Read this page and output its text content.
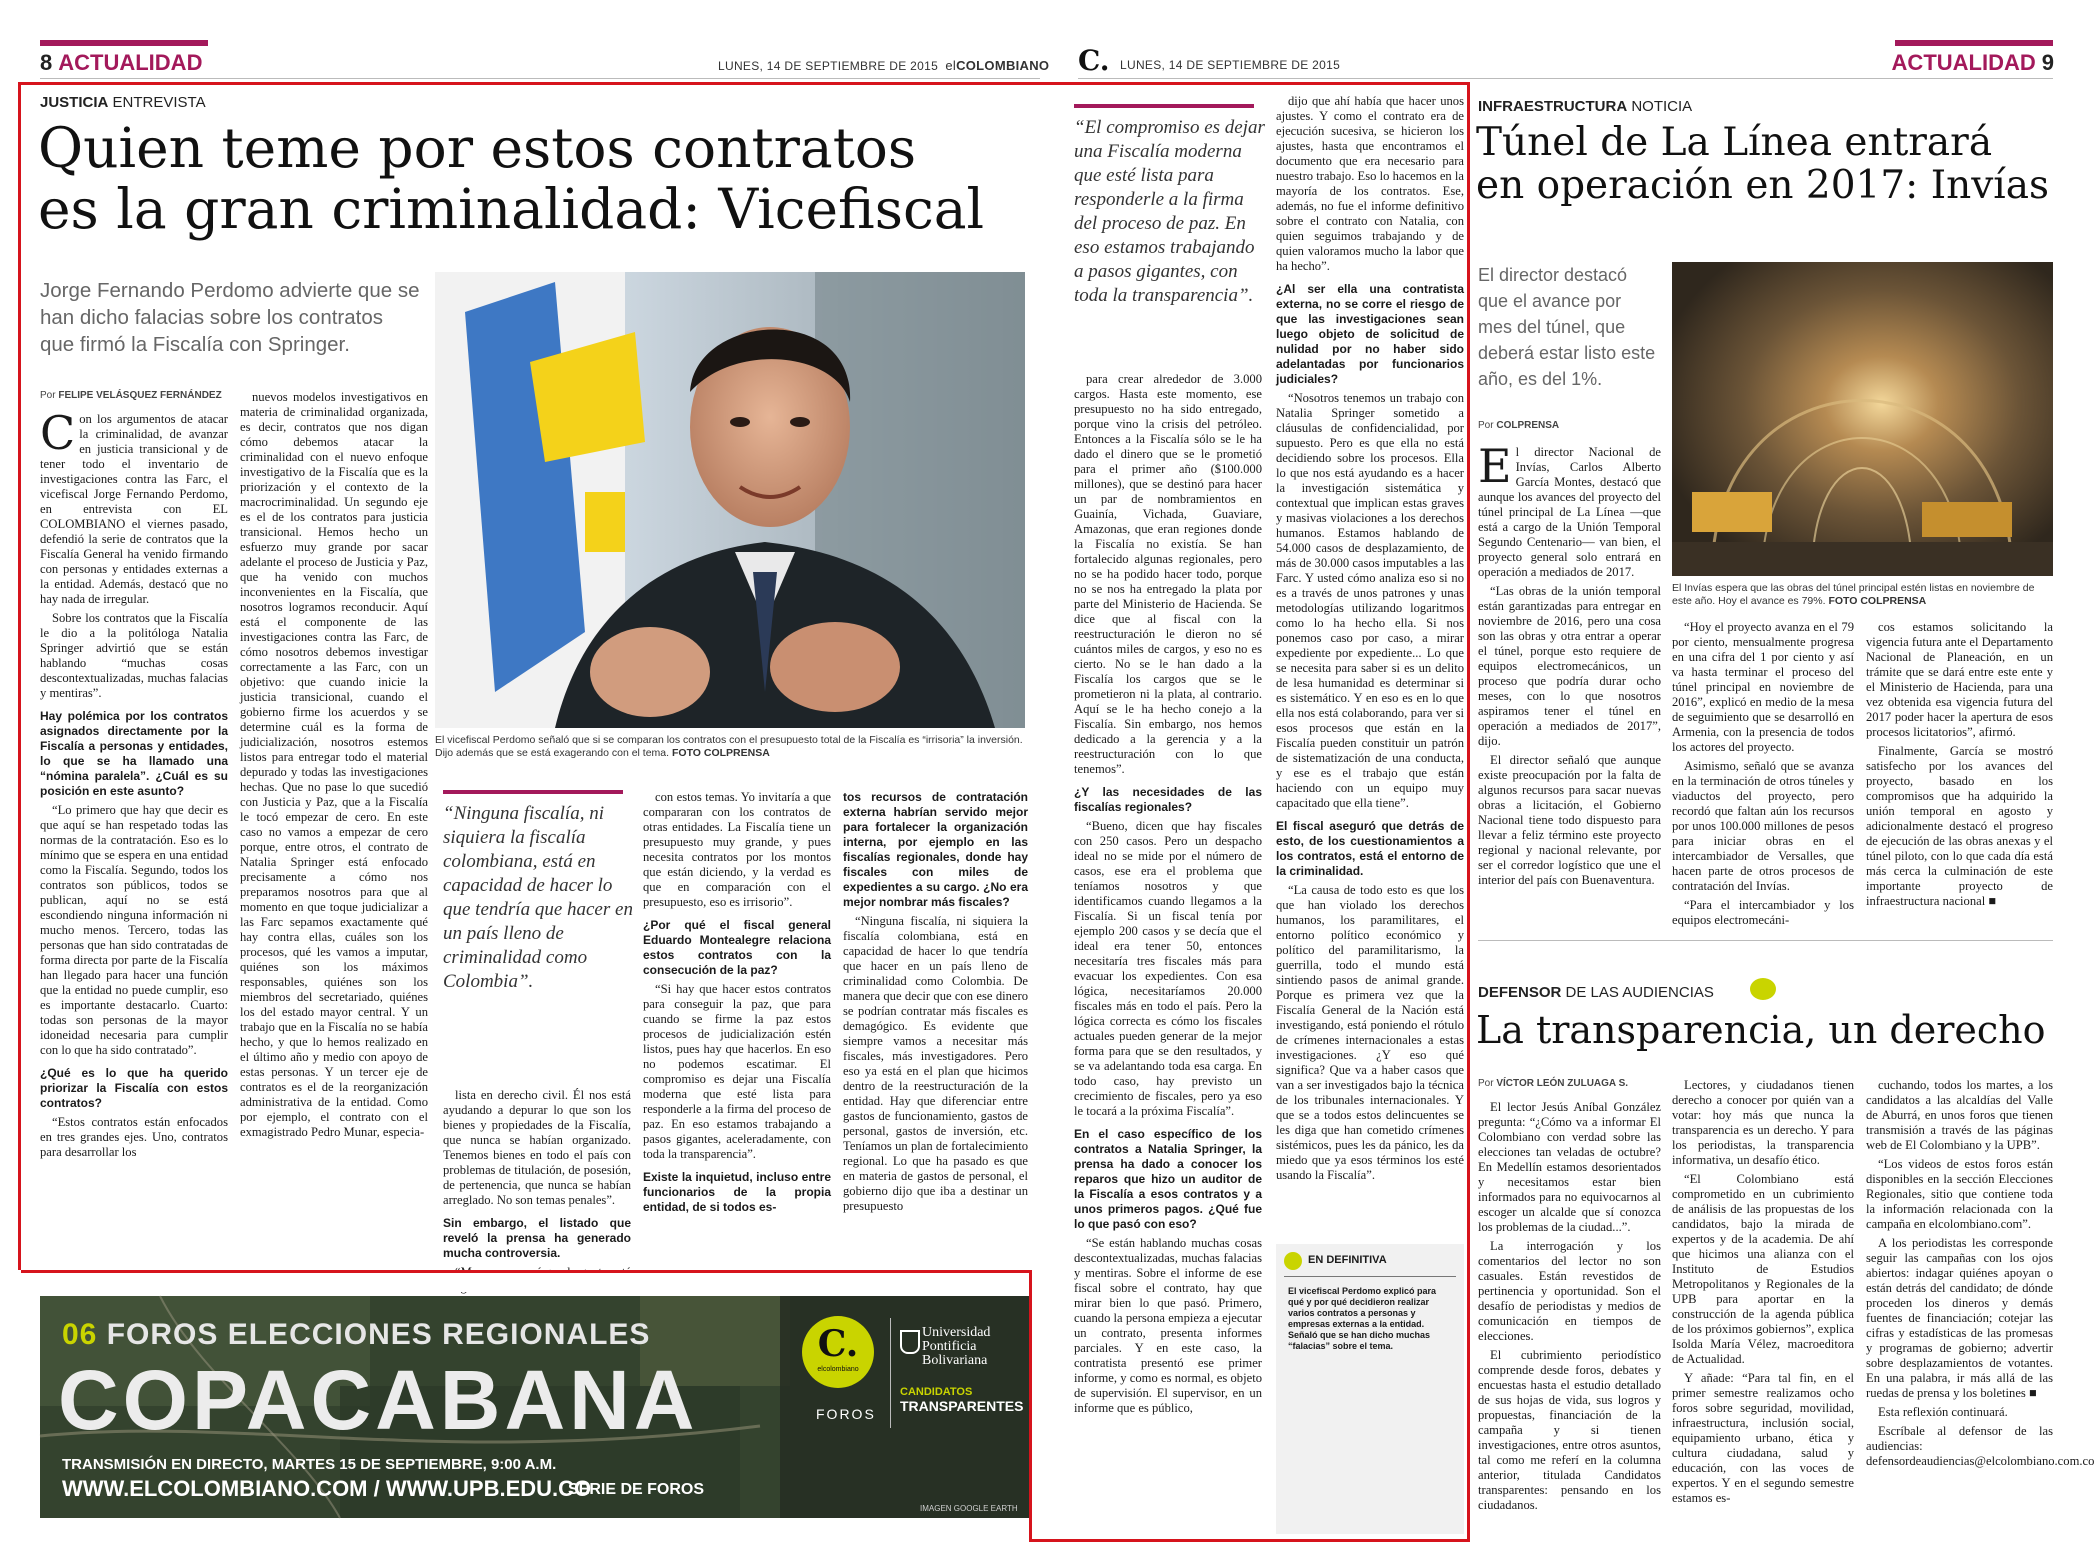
8 ACTUALIDAD	LUNES, 14 DE SEPTIEMBRE DE 2015 elCOLOMBIANO C. LUNES, 14 DE SEPTIEMBRE DE 2015	ACTUALIDAD 9
JUSTICIA ENTREVISTA
Quien teme por estos contratos
es la gran criminalidad: Vicefiscal
Jorge Fernando Perdomo advierte que se han dicho falacias sobre los contratos que firmó la Fiscalía con Springer.
El vicefiscal Perdomo señaló que si se comparan los contratos con el presupuesto total de la Fiscalía es “irrisoria” la inversión. Dijo además que se está exagerando con el tema. FOTO COLPRENSA
Por FELIPE VELÁSQUEZ FERNÁNDEZ

Con los argumentos de atacar la criminalidad, de avanzar en justicia transicional y de tener todo el inventario de investigaciones contra las Farc, el vicefiscal Jorge Fernando Perdomo, en entrevista con EL COLOMBIANO el viernes pasado, defendió la serie de contratos que la Fiscalía General ha venido firmando con personas y entidades externas a la entidad. Además, destacó que no hay nada de irregular.

Sobre los contratos que la Fiscalía le dio a la politóloga Natalia Springer advirtió que se están hablando “muchas cosas descontextualizadas, muchas falacias y mentiras”.

Hay polémica por los contratos asignados directamente por la Fiscalía a personas y entidades, lo que se ha llamado una “nómina paralela”. ¿Cuál es su posición en este asunto?

“Lo primero que hay que decir es que aquí se han respetado todas las normas de la contratación. Eso es lo mínimo que se espera en una entidad como la Fiscalía. Segundo, todos los contratos son públicos, todos se publican, aquí no se está escondiendo ninguna información ni mucho menos. Tercero, todas las personas que han sido contratadas de forma directa por parte de la Fiscalía han llegado para hacer una función que la entidad no puede cumplir, eso es importante destacarlo. Cuarto: todas son personas de la mayor idoneidad necesaria para cumplir con lo que ha sido contratado”.

¿Qué es lo que ha querido priorizar la Fiscalía con estos contratos?

“Estos contratos están enfocados en tres grandes ejes. Uno, contratos para desarrollar los

nuevos modelos investigativos en materia de criminalidad organizada, es decir, contratos que nos digan cómo debemos atacar la criminalidad con el nuevo enfoque investigativo de la Fiscalía que es la priorización y el contexto de la macrocriminalidad. Un segundo eje es el de los contratos para justicia transicional. Hemos hecho un esfuerzo muy grande por sacar adelante el proceso de Justicia y Paz, que ha venido con muchos inconvenientes en la Fiscalía, que nosotros logramos reconducir. Aquí está el componente de las investigaciones contra las Farc, de cómo nosotros debemos investigar correctamente a las Farc, con un objetivo: que cuando inicie la justicia transicional, cuando el gobierno firme los acuerdos y se determine cuál es la forma de judicialización, nosotros estemos listos para entregar todo el material depurado y todas las investigaciones hechas. Que no pase lo que sucedió con Justicia y Paz, que a la Fiscalía le tocó empezar de cero. En este caso no vamos a empezar de cero porque, entre otros, el contrato de Natalia Springer está enfocado precisamente a cómo nos preparamos nosotros para que al momento en que toque judicializar a las Farc sepamos exactamente qué hay contra ellas, cuáles son los procesos, qué les vamos a imputar, quiénes son los máximos responsables, quiénes son los miembros del secretariado, quiénes los del estado mayor central. Y un trabajo que en la Fiscalía no se había hecho, y que lo hemos realizado en el último año y medio con apoyo de estas personas. Y un tercer eje de contratos es el de la reorganización administrativa de la entidad. Como por ejemplo, el contrato con el exmagistrado Pedro Munar, especia-

“Ninguna fiscalía, ni siquiera la fiscalía colombiana, está en capacidad de hacer lo que tendría que hacer en un país lleno de criminalidad como Colombia”.

lista en derecho civil. Él nos está ayudando a depurar lo que son los bienes y propiedades de la Fiscalía, que nunca se habían organizado. Tenemos bienes en todo el país con problemas de titulación, de posesión, de pertenencia, que nunca se habían arreglado. No son temas penales”.

Sin embargo, el listado que reveló la prensa ha generado mucha controversia.

con estos temas. Yo invitaría a que compararan con los contratos de otras entidades. La Fiscalía tiene un presupuesto muy grande, y pues necesita contratos por los montos que están diciendo, y la verdad es que en comparación con el presupuesto, eso es irrisorio”.

¿Por qué el fiscal general Eduardo Montealegre relaciona estos contratos con la consecución de la paz?

“Si hay que hacer estos contratos para conseguir la paz, que para cuando se firme la paz estos procesos de judicialización estén listos, pues hay que hacerlos. En eso no podemos escatimar. El compromiso es dejar una Fiscalía moderna que esté lista para responderle a la firma del proceso de paz. En eso estamos trabajando a pasos gigantes, aceleradamente, con toda la transparencia”.

Existe la inquietud, incluso entre funcionarios de la propia entidad, de si todos es-

tos recursos de contratación externa habrían servido mejor para fortalecer la organización interna, por ejemplo en las fiscalías regionales, donde hay fiscales con miles de expedientes a su cargo. ¿No era mejor nombrar más fiscales?

“Ninguna fiscalía, ni siquiera la fiscalía colombiana, está en capacidad de hacer lo que tendría que hacer en un país lleno de criminalidad como Colombia. De manera que decir que con ese dinero se podrían contratar más fiscales es demagógico. Es evidente que siempre vamos a necesitar más fiscales, más investigadores. Pero eso ya está en el plan que hicimos dentro de la reestructuración de la entidad. Hay que diferenciar entre gastos de funcionamiento, gastos de personal, gastos de inversión, etc. Teníamos un plan de fortalecimiento regional. Lo que ha pasado es que en materia de gastos de personal, el gobierno dijo que iba a destinar un presupuesto

“El compromiso es dejar una Fiscalía moderna que esté lista para responderle a la firma del proceso de paz. En eso estamos trabajando a pasos gigantes, con toda la transparencia”.

para crear alrededor de 3.000 cargos. Hasta este momento, ese presupuesto no ha sido entregado, porque vino la crisis del petróleo. Entonces a la Fiscalía sólo se le ha dado el dinero que se le prometió para el primer año ($100.000 millones), que se destinó para hacer un par de nombramientos en Guainía, Vichada, Guaviare, Amazonas, que eran regiones donde la Fiscalía no existía. Se han fortalecido algunas regionales, pero no se ha podido hacer todo, porque no se nos ha entregado la plata por parte del Ministerio de Hacienda. Se dice que al fiscal con la reestructuración le dieron no sé cuántos miles de cargos, y eso no es cierto. No se le han dado a la Fiscalía los cargos que se le prometieron ni la plata, al contrario. Aquí se le ha hecho conejo a la Fiscalía. Sin embargo, nos hemos dedicado a la gerencia y a la reestructuración con lo que tenemos”.

¿Y las necesidades de las fiscalías regionales?

“Bueno, dicen que hay fiscales con 250 casos. Pero un despacho ideal no se mide por el número de casos, ese era el problema que teníamos nosotros y que identificamos cuando llegamos a la Fiscalía. Si un fiscal tenía por ejemplo 200 casos y se decía que el ideal era tener 50, entonces necesitaría tres fiscales más para evacuar los expedientes. Con esa lógica, necesitaríamos 20.000 fiscales más en todo el país. Pero la lógica correcta es cómo los fiscales actuales pueden generar de la mejor forma para que se den resultados, y se va adelantando toda esa carga. En todo caso, hay previsto un crecimiento de fiscales, pero ya eso le tocará a la próxima Fiscalía”.

En el caso específico de los contratos a Natalia Springer, la prensa ha dado a conocer los reparos que hizo un auditor de la Fiscalía a esos contratos y a unos primeros pagos. ¿Qué fue lo que pasó con eso?

“Se están hablando muchas cosas descontextualizadas, muchas falacias y mentiras. Sobre el informe de ese fiscal sobre el contrato, hay que mirar bien lo que pasó. Primero, cuando la persona empieza a ejecutar un contrato, presenta informes parciales. Y en este caso, la contratista presentó ese primer informe, y como es normal, es objeto de supervisión. El supervisor, en un informe que es público,

dijo que ahí había que hacer unos ajustes. Y como el contrato era de ejecución sucesiva, se hicieron los ajustes, hasta que encontramos el documento que era necesario para nuestro trabajo. Eso lo hacemos en la mayoría de los contratos. Ese, además, no fue el informe definitivo sobre el contrato con Natalia, con quien seguimos trabajando y de quien valoramos mucho la labor que ha hecho”.

¿Al ser ella una contratista externa, no se corre el riesgo de que las investigaciones sean luego objeto de solicitud de nulidad por no haber sido adelantadas por funcionarios judiciales?

“Nosotros tenemos un trabajo con Natalia Springer sometido a cláusulas de confidencialidad, por supuesto. Pero es que ella no está decidiendo sobre los procesos. Ella lo que nos está ayudando es a hacer la investigación sistemática y contextual que implican estas graves y masivas violaciones a los derechos humanos. Estamos hablando de 54.000 casos de desplazamiento, de más de 30.000 casos imputables a las Farc. Y usted cómo analiza eso si no es a través de unos patrones y unas metodologías utilizando logaritmos como lo ha hecho ella. Si nos ponemos caso por caso, a mirar expediente por expediente... Lo que se necesita para saber si es un delito de lesa humanidad es determinar si es sistemático. Y en eso es en lo que ella nos está colaborando, para ver si esos procesos que están en la Fiscalía pueden constituir un patrón de sistematización de una conducta, y ese es el trabajo que están haciendo con un equipo muy capacitado que ella tiene”.

El fiscal aseguró que detrás de esto, de los cuestionamientos a los contratos, está el entorno de la criminalidad.

“La causa de todo esto es que los que han violado los derechos humanos, los paramilitares, el entorno político económico y político del paramilitarismo, la guerrilla, todo el mundo está sintiendo pasos de animal grande. Porque es primera vez que la Fiscalía General de la Nación está investigando, está poniendo el rótulo de crímenes internacionales a estas investigaciones. ¿Y eso qué significa? Que va a haber casos que van a ser investigados bajo la técnica de los tribunales internacionales. Y que se a todos estos delincuentes se les diga que han cometido crímenes sistémicos, pues les da pánico, les da miedo que ya esos términos los esté usando la Fiscalía”.

EN DEFINITIVA
El vicefiscal Perdomo explicó para qué y por qué decidieron realizar varios contratos a personas y empresas externas a la entidad. Señaló que se han dicho muchas “falacias” sobre el tema.
06 FOROS ELECCIONES REGIONALES
COPACABANA
TRANSMISIÓN EN DIRECTO, MARTES 15 DE SEPTIEMBRE, 9:00 A.M.
WWW.ELCOLOMBIANO.COM / WWW.UPB.EDU.CO
SERIE DE FOROS
C.
elcolombiano
FOROS
Universidad
Pontificia
Bolivariana
CANDIDATOS
TRANSPARENTES
IMAGEN GOOGLE EARTH
INFRAESTRUCTURA NOTICIA
Túnel de La Línea entrará
en operación en 2017: Invías
El director destacó que el avance por mes del túnel, que deberá estar listo este año, es del 1%.
Por COLPRENSA
El Invías espera que las obras del túnel principal estén listas en noviembre de este año. Hoy el avance es 79%. FOTO COLPRENSA

El director Nacional de Invías, Carlos Alberto García Montes, destacó que aunque los avances del proyecto del túnel principal de La Línea —que está a cargo de la Unión Temporal Segundo Centenario— van bien, el proyecto general solo entrará en operación a mediados de 2017.

“Las obras de la unión temporal están garantizadas para entregar en noviembre de 2016, pero una cosa son las obras y otra entrar a operar el túnel, porque esto requiere de equipos electromecánicos, un proceso que podría durar ocho meses, con lo que nosotros aspiramos tener el túnel en operación a mediados de 2017”, dijo.

El director señaló que aunque existe preocupación por la falta de algunos recursos para sacar nuevas obras a licitación, el Gobierno Nacional tiene todo dispuesto para llevar a feliz término este proyecto regional y nacional relevante, por ser el corredor logístico que une el interior del país con Buenaventura.

“Hoy el proyecto avanza en el 79 por ciento, mensualmente progresa en una cifra del 1 por ciento y así va hasta terminar el proceso del túnel principal en noviembre de 2016”, explicó en medio de la mesa de seguimiento que se desarrolló en Armenia, con la presencia de todos los actores del proyecto.

Asimismo, señaló que se avanza en la terminación de otros túneles y viaductos del proyecto, pero recordó que faltan aún los recursos por unos 100.000 millones de pesos para iniciar obras en el intercambiador de Versalles, que hacen parte de otros procesos de contratación del Invías.

“Para el intercambiador y los equipos electromecáni-

cos estamos solicitando la vigencia futura ante el Departamento Nacional de Planeación, en un trámite que se dará entre este ente y el Ministerio de Hacienda, para una vez obtenida esa vigencia futura del 2017 poder hacer la apertura de esos procesos licitatorios”, afirmó.

Finalmente, García se mostró satisfecho por los avances del proyecto, basado en los compromisos que ha adquirido la unión temporal en agosto y adicionalmente destacó el progreso de ejecución de las obras anexas y el túnel piloto, con lo que cada día está más cerca la culminación de este importante proyecto de infraestructura nacional ■

DEFENSOR DE LAS AUDIENCIAS
La transparencia, un derecho
Por VÍCTOR LEÓN ZULUAGA S.

El lector Jesús Aníbal González pregunta: “¿Cómo va a informar El Colombiano con verdad sobre las elecciones tan veladas de octubre? En Medellín estamos desorientados y necesitamos estar bien informados para no equivocarnos al escoger un alcalde que sí conozca los problemas de la ciudad...”.

La interrogación y los comentarios del lector no son casuales. Están revestidos de pertinencia y oportunidad. Son el desafío de periodistas y medios de comunicación en tiempos de elecciones.

El cubrimiento periodístico comprende desde foros, debates y encuestas hasta el estudio detallado de sus hojas de vida, sus logros y propuestas, financiación de la campaña y si tienen investigaciones, entre otros asuntos, tal como me referí en la columna anterior, titulada Candidatos transparentes: pensando en los ciudadanos.

Lectores, y ciudadanos tienen derecho a conocer por quién van a votar: hoy más que nunca la transparencia es un derecho. Y para los periodistas, la transparencia informativa, un desafío ético.

“El Colombiano está comprometido en un cubrimiento de análisis de las propuestas de los candidatos, bajo la mirada de expertos y de la academia. De ahí que hicimos una alianza con el Instituto de Estudios Metropolitanos y Regionales de la UPB para aportar en la construcción de la agenda pública de los próximos gobiernos”, explica Isolda María Vélez, macroeditora de Actualidad.

Y añade: “Para tal fin, en el primer semestre realizamos ocho foros sobre seguridad, movilidad, infraestructura, inclusión social, equipamiento urbano, ética y cultura ciudadana, salud y educación, con las voces de expertos. Y en el segundo semestre estamos es-

cuchando, todos los martes, a los candidatos a las alcaldías del Valle de Aburrá, en unos foros que tienen transmisión a través de las páginas web de El Colombiano y la UPB”.

“Los videos de estos foros están disponibles en la sección Elecciones Regionales, sitio que contiene toda la información relacionada con la campaña en elcolombiano.com”.

A los periodistas les corresponde seguir las campañas con los ojos abiertos: indagar quiénes apoyan o están detrás del candidato; de dónde proceden los dineros y demás fuentes de financiación; cotejar las cifras y estadísticas de las promesas y programas de gobierno; advertir sobre desplazamientos de votantes. En una palabra, ir más allá de las ruedas de prensa y los boletines ■

Esta reflexión continuará.

Escríbale al defensor de las audiencias: defensordeaudiencias@elcolombiano.com.co
